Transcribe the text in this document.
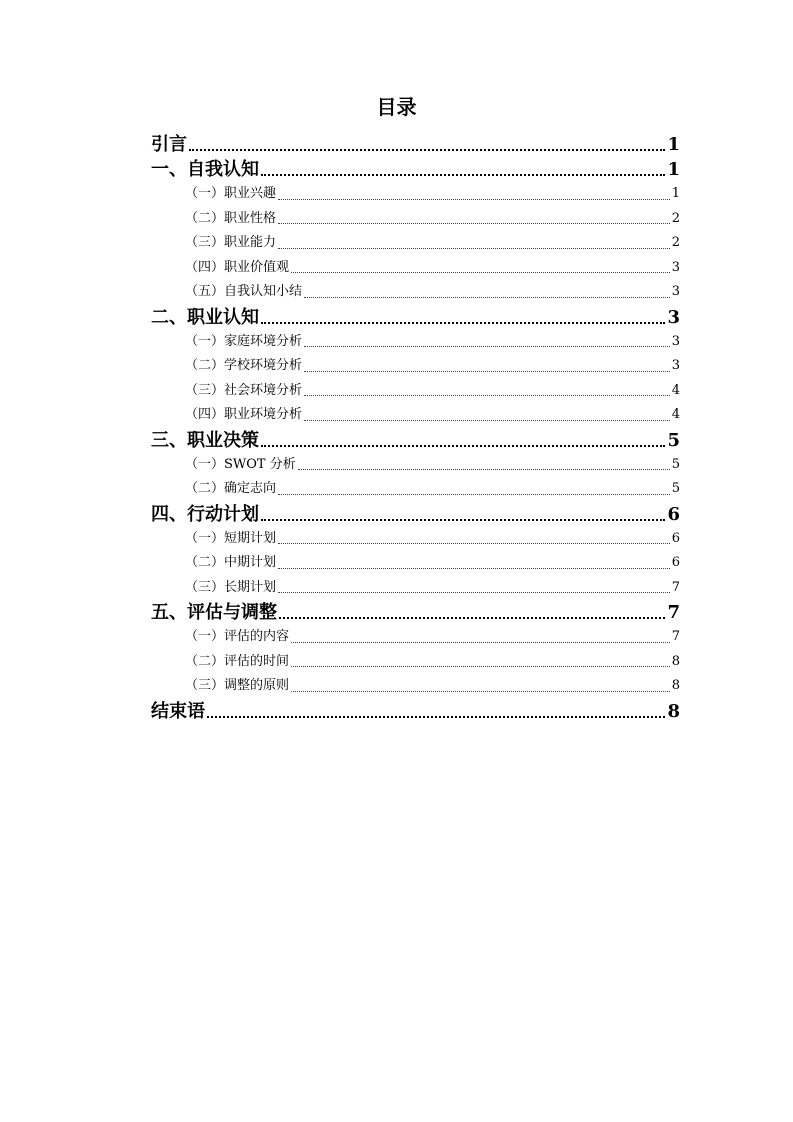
目录
引言	1
一、自我认知	1
（一）职业兴趣	1
（二）职业性格	2
（三）职业能力	2
（四）职业价值观	3
（五）自我认知小结	3
二、职业认知	3
（一）家庭环境分析	3
（二）学校环境分析	3
（三）社会环境分析	4
（四）职业环境分析	4
三、职业决策	5
（一）SWOT 分析	5
（二）确定志向	5
四、行动计划	6
（一）短期计划	6
（二）中期计划	6
（三）长期计划	7
五、评估与调整	7
（一）评估的内容	7
（二）评估的时间	8
（三）调整的原则	8
结束语	8
